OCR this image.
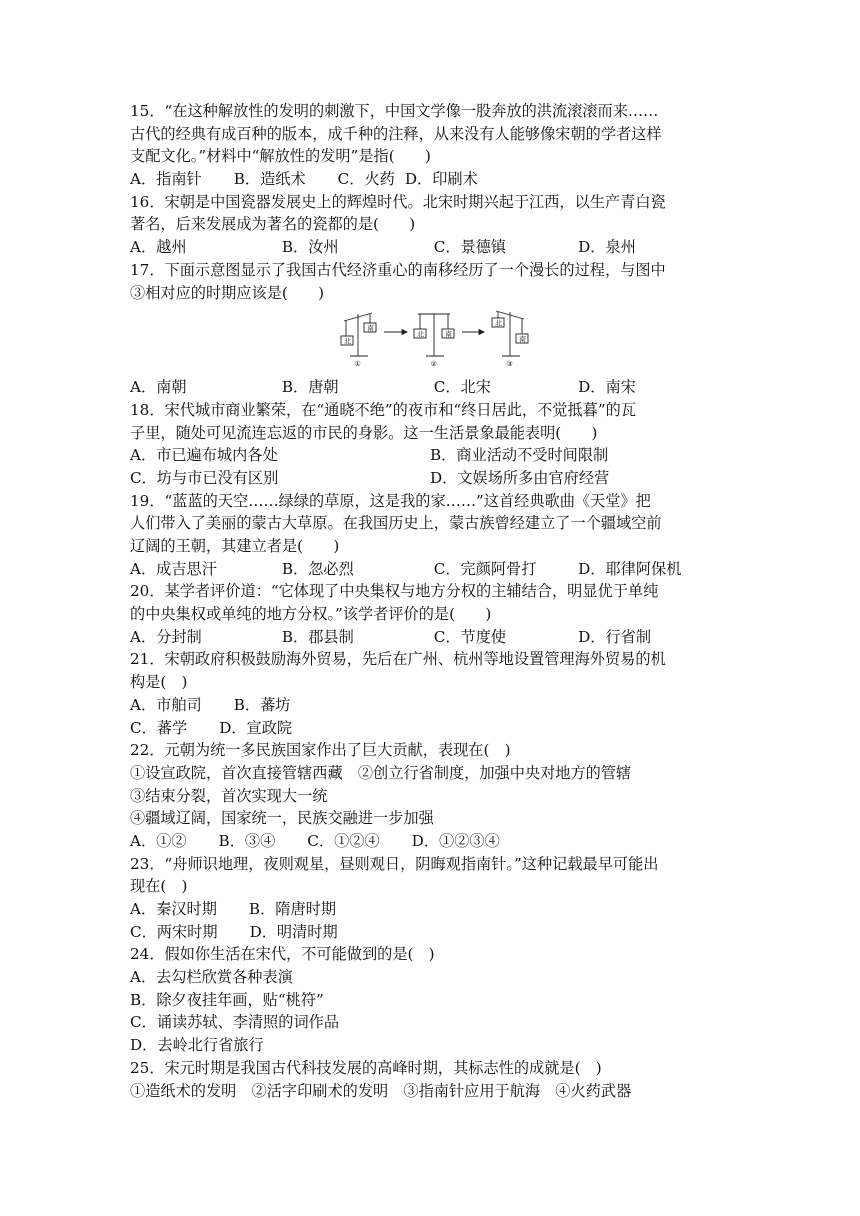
15．“在这种解放性的发明的刺激下，中国文学像一股奔放的洪流滚滚而来……
古代的经典有成百种的版本，成千种的注释，从来没有人能够像宋朝的学者这样
支配文化。”材料中“解放性的发明”是指(　　)
A．指南针 B．造纸术 C．火药 D．印刷术
16．宋朝是中国瓷器发展史上的辉煌时代。北宋时期兴起于江西，以生产青白瓷
著名，后来发展成为著名的瓷都的是(　　)
A．越州	B．汝州	C．景德镇	D．泉州
17．下面示意图显示了我国古代经济重心的南移经历了一个漫长的过程，与图中
③相对应的时期应该是(　　)
北
南
①
北	南
②
北
南
③
A．南朝	B．唐朝	C．北宋	D．南宋
18．宋代城市商业繁荣，在“通晓不绝”的夜市和“终日居此，不觉抵暮”的瓦
子里，随处可见流连忘返的市民的身影。这一生活景象最能表明(　　)
A．市已遍布城内各处	B．商业活动不受时间限制
C．坊与市已没有区别	D．文娱场所多由官府经营
19．“蓝蓝的天空……绿绿的草原，这是我的家……”这首经典歌曲《天堂》把
人们带入了美丽的蒙古大草原。在我国历史上，蒙古族曾经建立了一个疆域空前
辽阔的王朝，其建立者是(　　)
A．成吉思汗	B．忽必烈	C．完颜阿骨打	D．耶律阿保机
20．某学者评价道：“它体现了中央集权与地方分权的主辅结合，明显优于单纯
的中央集权或单纯的地方分权。”该学者评价的是(　　)
A．分封制	B．郡县制	C．节度使	D．行省制
21．宋朝政府积极鼓励海外贸易，先后在广州、杭州等地设置管理海外贸易的机
构是(　)
A．市舶司 B．蕃坊
C．蕃学 D．宣政院
22．元朝为统一多民族国家作出了巨大贡献，表现在(　)
①设宣政院，首次直接管辖西藏　②创立行省制度，加强中央对地方的管辖
③结束分裂，首次实现大一统
④疆域辽阔，国家统一，民族交融进一步加强
A．①② B．③④ C．①②④ D．①②③④
23．“舟师识地理，夜则观星，昼则观日，阴晦观指南针。”这种记载最早可能出
现在(　)
A．秦汉时期 B．隋唐时期
C．两宋时期 D．明清时期
24．假如你生活在宋代，不可能做到的是(　)
A．去勾栏欣赏各种表演
B．除夕夜挂年画，贴“桃符”
C．诵读苏轼、李清照的词作品
D．去岭北行省旅行
25．宋元时期是我国古代科技发展的高峰时期，其标志性的成就是(　)
①造纸术的发明　②活字印刷术的发明　③指南针应用于航海　④火药武器
